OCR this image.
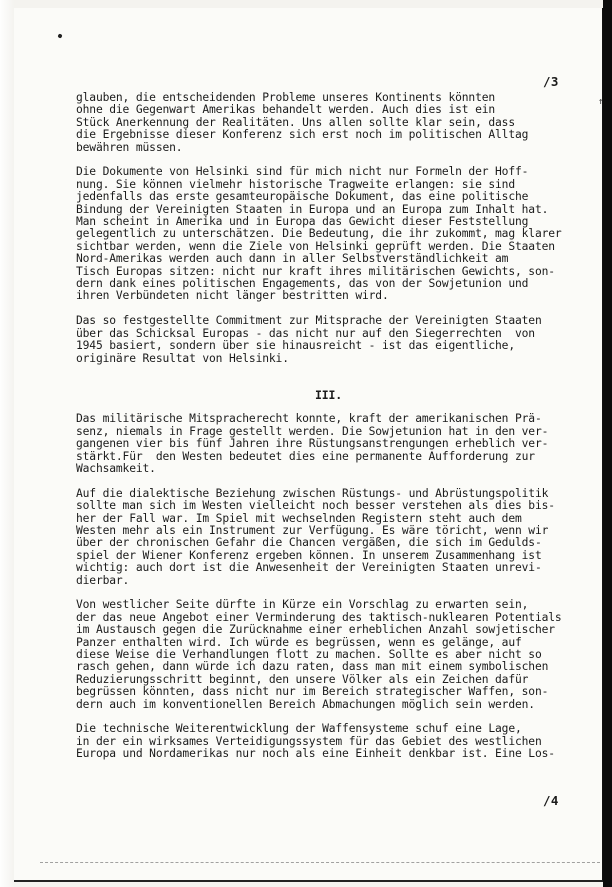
/3
↑
glauben, die entscheidenden Probleme unseres Kontinents könnten
ohne die Gegenwart Amerikas behandelt werden. Auch dies ist ein
Stück Anerkennung der Realitäten. Uns allen sollte klar sein, dass
die Ergebnisse dieser Konferenz sich erst noch im politischen Alltag
bewähren müssen.
Die Dokumente von Helsinki sind für mich nicht nur Formeln der Hoff-
nung. Sie können vielmehr historische Tragweite erlangen: sie sind
jedenfalls das erste gesamteuropäische Dokument, das eine politische
Bindung der Vereinigten Staaten in Europa und an Europa zum Inhalt hat.
Man scheint in Amerika und in Europa das Gewicht dieser Feststellung
gelegentlich zu unterschätzen. Die Bedeutung, die ihr zukommt, mag klarer
sichtbar werden, wenn die Ziele von Helsinki geprüft werden. Die Staaten
Nord-Amerikas werden auch dann in aller Selbstverständlichkeit am
Tisch Europas sitzen: nicht nur kraft ihres militärischen Gewichts, son-
dern dank eines politischen Engagements, das von der Sowjetunion und
ihren Verbündeten nicht länger bestritten wird.
Das so festgestellte Commitment zur Mitsprache der Vereinigten Staaten
über das Schicksal Europas - das nicht nur auf den Siegerrechten  von
1945 basiert, sondern über sie hinausreicht - ist das eigentliche,
originäre Resultat von Helsinki.
III.
Das militärische Mitspracherecht konnte, kraft der amerikanischen Prä-
senz, niemals in Frage gestellt werden. Die Sowjetunion hat in den ver-
gangenen vier bis fünf Jahren ihre Rüstungsanstrengungen erheblich ver-
stärkt.Für  den Westen bedeutet dies eine permanente Aufforderung zur
Wachsamkeit.
Auf die dialektische Beziehung zwischen Rüstungs- und Abrüstungspolitik
sollte man sich im Westen vielleicht noch besser verstehen als dies bis-
her der Fall war. Im Spiel mit wechselnden Registern steht auch dem
Westen mehr als ein Instrument zur Verfügung. Es wäre töricht, wenn wir
über der chronischen Gefahr die Chancen vergäßen, die sich im Gedulds-
spiel der Wiener Konferenz ergeben können. In unserem Zusammenhang ist
wichtig: auch dort ist die Anwesenheit der Vereinigten Staaten unrevi-
dierbar.
Von westlicher Seite dürfte in Kürze ein Vorschlag zu erwarten sein,
der das neue Angebot einer Verminderung des taktisch-nuklearen Potentials
im Austausch gegen die Zurücknahme einer erheblichen Anzahl sowjetischer
Panzer enthalten wird. Ich würde es begrüssen, wenn es gelänge, auf
diese Weise die Verhandlungen flott zu machen. Sollte es aber nicht so
rasch gehen, dann würde ich dazu raten, dass man mit einem symbolischen
Reduzierungsschritt beginnt, den unsere Völker als ein Zeichen dafür
begrüssen könnten, dass nicht nur im Bereich strategischer Waffen, son-
dern auch im konventionellen Bereich Abmachungen möglich sein werden.
Die technische Weiterentwicklung der Waffensysteme schuf eine Lage,
in der ein wirksames Verteidigungssystem für das Gebiet des westlichen
Europa und Nordamerikas nur noch als eine Einheit denkbar ist. Eine Los-
/4
